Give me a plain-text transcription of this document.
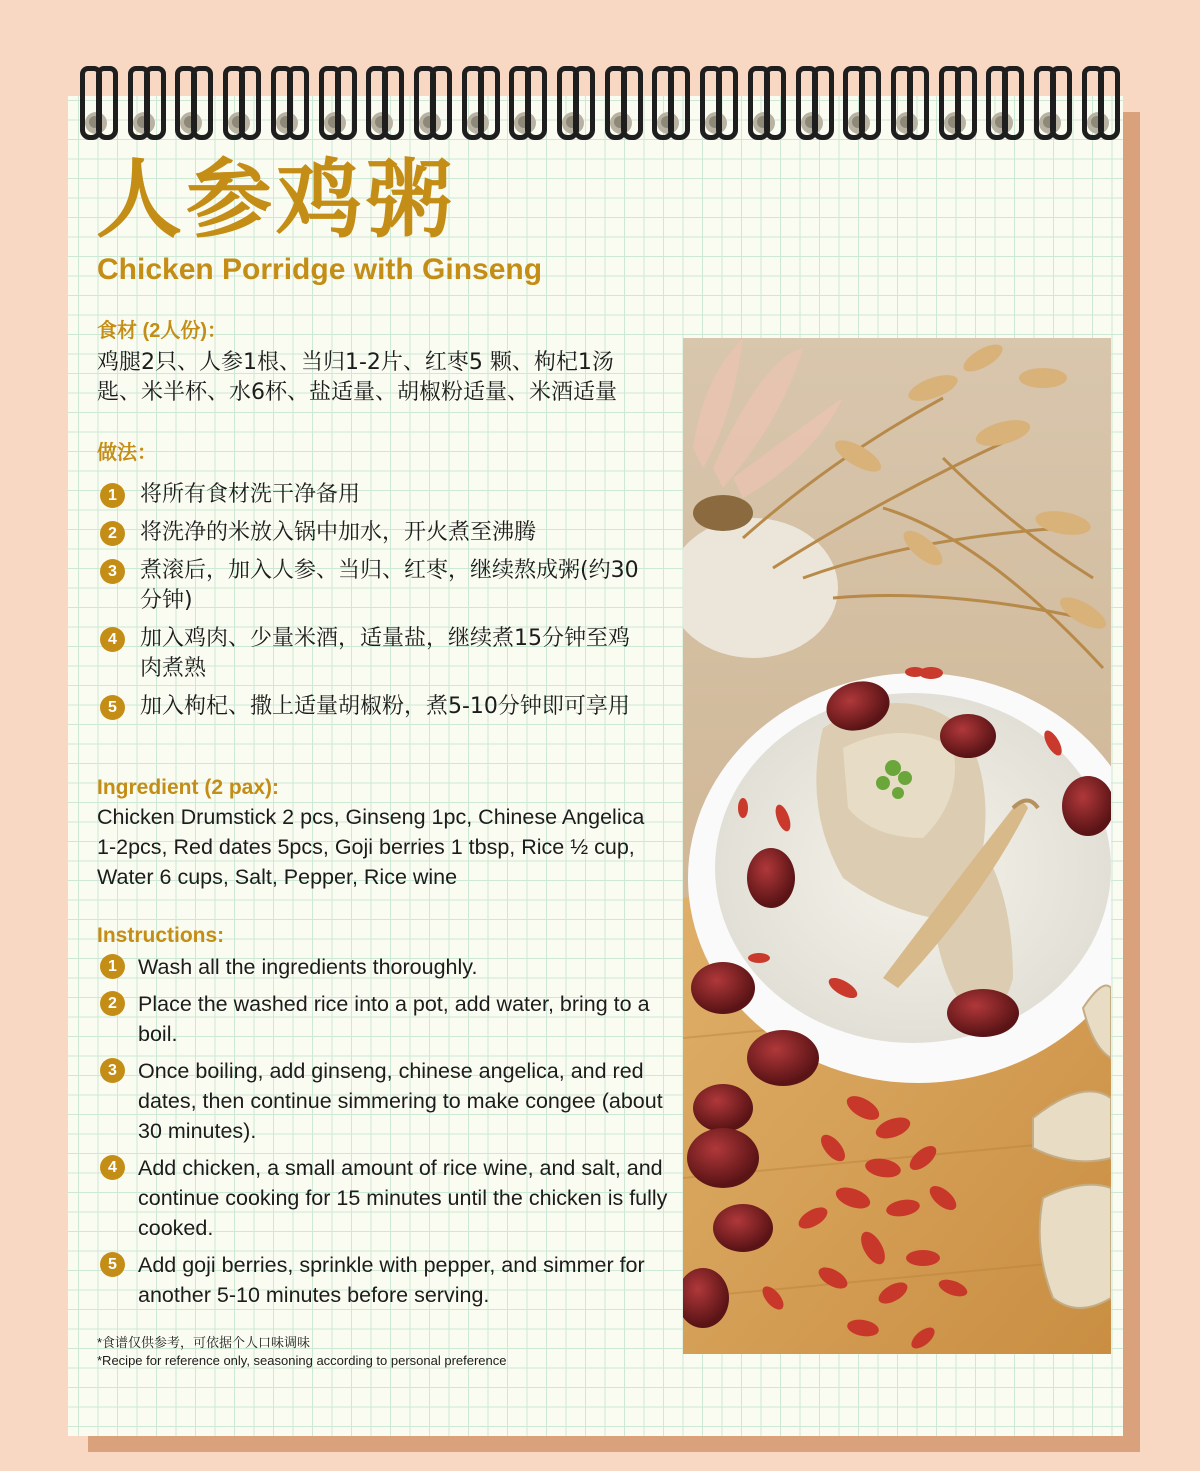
人参鸡粥
Chicken Porridge with Ginseng
食材 (2人份)：

鸡腿2只、人参1根、当归1-2片、红枣5 颗、枸杞1汤匙、米半杯、水6杯、盐适量、胡椒粉适量、米酒适量

做法：
1	将所有食材洗干净备用
2	将洗净的米放入锅中加水，开火煮至沸腾
3	煮滚后，加入人参、当归、红枣，继续熬成粥(约30分钟)
4	加入鸡肉、少量米酒，适量盐，继续煮15分钟至鸡肉煮熟
5	加入枸杞、撒上适量胡椒粉，煮5-10分钟即可享用
Ingredient (2 pax):

Chicken Drumstick 2 pcs, Ginseng 1pc, Chinese Angelica 1-2pcs, Red dates 5pcs, Goji berries 1 tbsp, Rice ½ cup, Water 6 cups, Salt, Pepper, Rice wine

Instructions:
1 Wash all the ingredients thoroughly.
2 Place the washed rice into a pot, add water, bring to a boil.
3 Once boiling, add ginseng, chinese angelica, and red dates, then continue simmering to make congee (about 30 minutes).
4 Add chicken, a small amount of rice wine, and salt, and continue cooking for 15 minutes until the chicken is fully cooked.
5 Add goji berries, sprinkle with pepper, and simmer for another 5-10 minutes before serving.

*食谱仅供参考，可依据个人口味调味

*Recipe for reference only, seasoning according to personal preference
